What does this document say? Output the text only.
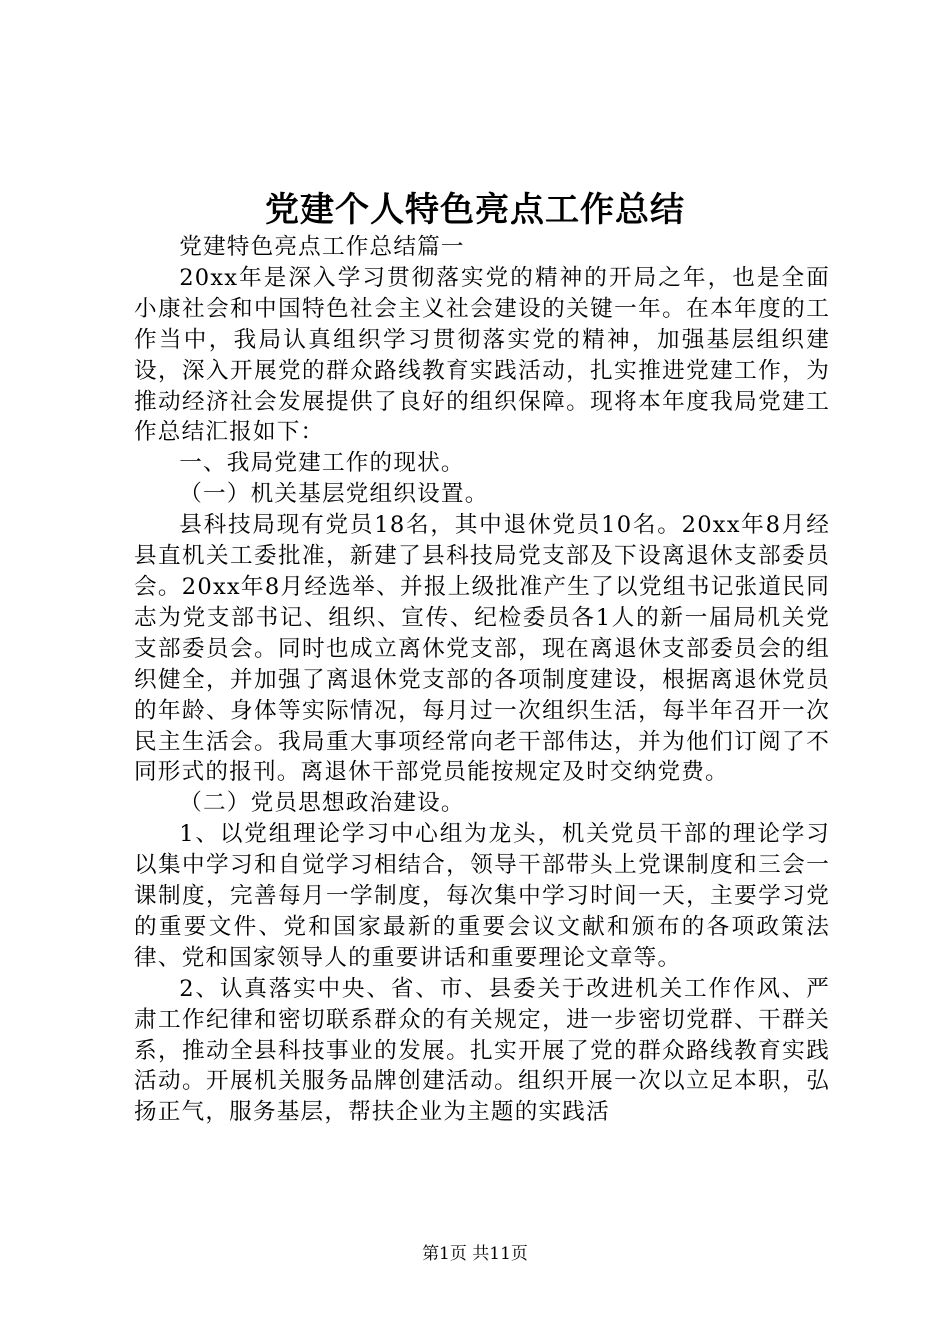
党建个人特色亮点工作总结

党建特色亮点工作总结篇一

20xx年是深入学习贯彻落实党的精神的开局之年，也是全面小康社会和中国特色社会主义社会建设的关键一年。在本年度的工作当中，我局认真组织学习贯彻落实党的精神，加强基层组织建设，深入开展党的群众路线教育实践活动，扎实推进党建工作，为推动经济社会发展提供了良好的组织保障。现将本年度我局党建工作总结汇报如下：

一、我局党建工作的现状。

（一）机关基层党组织设置。

县科技局现有党员18名，其中退休党员10名。20xx年8月经县直机关工委批准，新建了县科技局党支部及下设离退休支部委员会。20xx年8月经选举、并报上级批准产生了以党组书记张道民同志为党支部书记、组织、宣传、纪检委员各1人的新一届局机关党支部委员会。同时也成立离休党支部，现在离退休支部委员会的组织健全，并加强了离退休党支部的各项制度建设，根据离退休党员的年龄、身体等实际情况，每月过一次组织生活，每半年召开一次民主生活会。我局重大事项经常向老干部伟达，并为他们订阅了不同形式的报刊。离退休干部党员能按规定及时交纳党费。

（二）党员思想政治建设。

1、以党组理论学习中心组为龙头，机关党员干部的理论学习以集中学习和自觉学习相结合，领导干部带头上党课制度和三会一课制度，完善每月一学制度，每次集中学习时间一天，主要学习党的重要文件、党和国家最新的重要会议文献和颁布的各项政策法律、党和国家领导人的重要讲话和重要理论文章等。

2、认真落实中央、省、市、县委关于改进机关工作作风、严肃工作纪律和密切联系群众的有关规定，进一步密切党群、干群关系，推动全县科技事业的发展。扎实开展了党的群众路线教育实践活动。开展机关服务品牌创建活动。组织开展一次以立足本职，弘扬正气，服务基层，帮扶企业为主题的实践活

第1页 共11页
